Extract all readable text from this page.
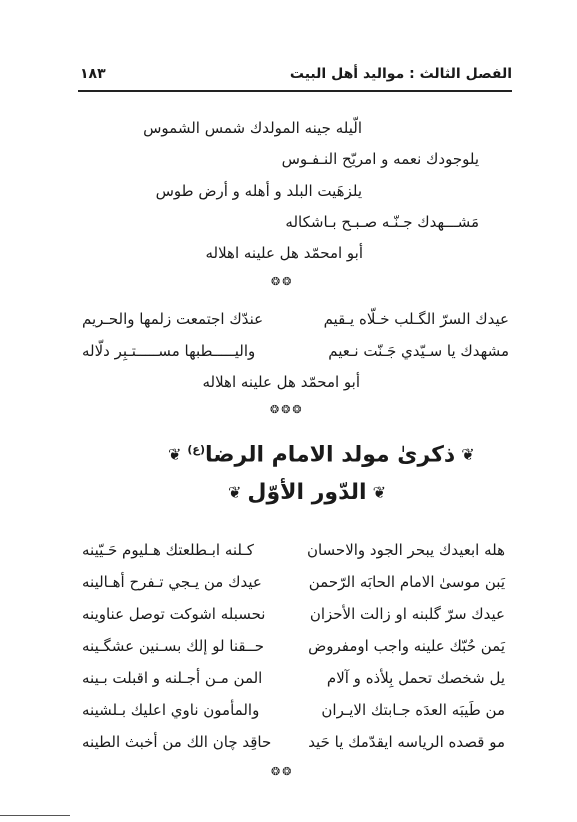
الفصل الثالث : مواليد أهل البيت
١٨٣
الّيله جينه المولدك شمس الشموس
يلوجودك نعمه و امريّح النـفـوس
يلزهَيت البلد و أهله و أرض طوس
مَشـــهدك جـنّـه صـبـح بـاشكاله
أبو امحمّد هل علينه اهلاله
❂❂
عيدك السرّ الگـلب خـلّاه يـقيم
عندّك اجتمعت زلمها والحـريم
مشهدك يا سـيّدي جَـنّت نـعيم
واليـــــطبها مســـــتـبِر دلّاله
أبو امحمّد هل علينه اهلاله
❂❂❂
❦ذكرىٰ مولد الامام الرضا$^{(ع)}$❦
❦الدّور الأوّل❦
هله ابعيدك يبحر الجود والاحسان
كـلنه ابـطلعتك هـليوم حَـيّينه
يَبن موسىٰ الامام الحابَه الرّحمن
عيدك من يـجي تـفرح أهـالينه
عيدك سرّ گلبنه او زالت الأحزان
نحسبله اشوكت توصل عناوينه
يَمن حُبّك علينه واجب اومفروض
حــقنا لو إلك بسـنين عشگـينه
يل شخصك تحمل بِلأذه و آلام
المن مـن أجـلنه و اقبلت بـينه
من طَيبَه العدَه جـابتك الايـران
والمأمون ناوي اعليك بـلشينه
مو قصده الرياسه ايقدّمك يا حَيد
حاقِد چان الك من أخبث الطينه
❂❂
